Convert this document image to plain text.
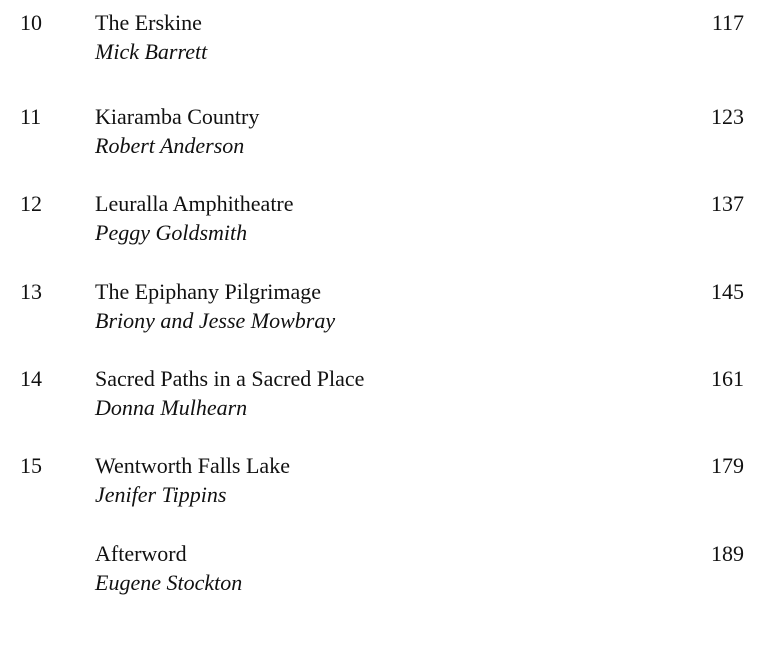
10 The Erskine
Mick Barrett
117
11 Kiaramba Country
Robert Anderson
123
12 Leuralla Amphitheatre
Peggy Goldsmith
137
13 The Epiphany Pilgrimage
Briony and Jesse Mowbray
145
14 Sacred Paths in a Sacred Place
Donna Mulhearn
161
15 Wentworth Falls Lake
Jenifer Tippins
179
Afterword
Eugene Stockton
189
